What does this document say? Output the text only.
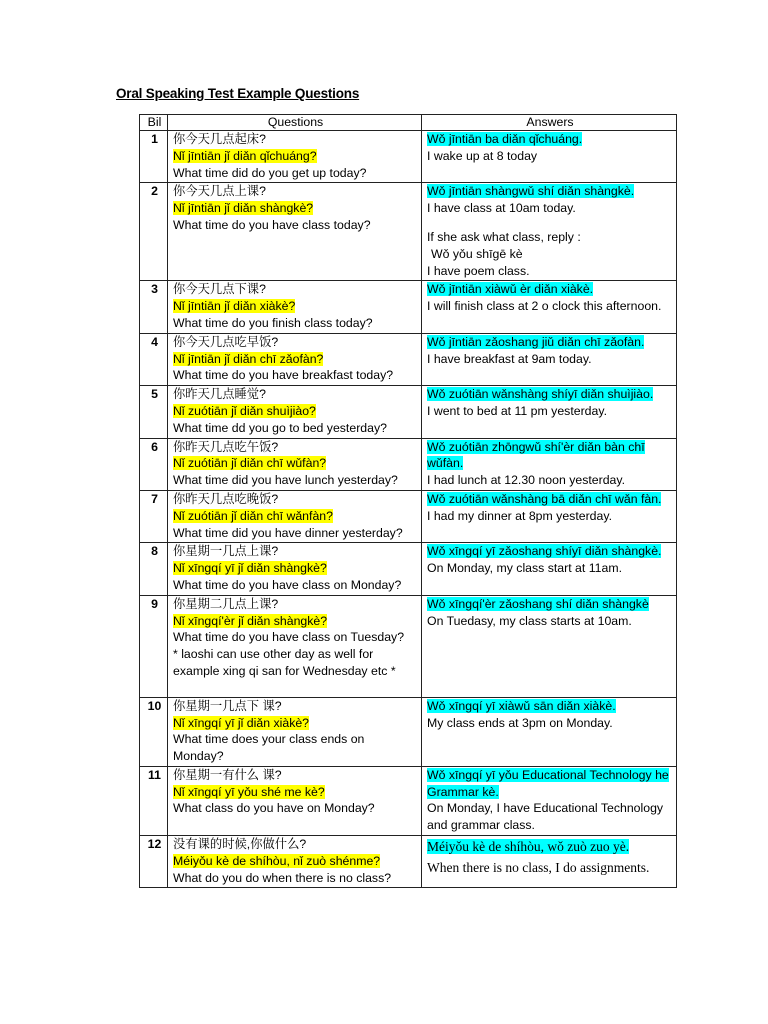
Oral Speaking Test Example Questions
Bil	Questions	Answers
1	你今天几点起床?
Nǐ jīntiān jǐ diǎn qǐchuáng?
What time did do you get up today?	Wǒ jīntiān ba diǎn qǐchuáng.
I wake up at 8 today

2	你今天几点上课?
Nǐ jīntiān jǐ diǎn shàngkè?
What time do you have class today?	Wǒ jīntiān shàngwǔ shí diǎn shàngkè.
I have class at 10am today.
If she ask what class, reply :
Wǒ yǒu shīgē kè
I have poem class.

3	你今天几点下课?
Nǐ jīntiān jǐ diǎn xiàkè?
What time do you finish class today?	Wǒ jīntiān xiàwǔ èr diǎn xiàkè.
I will finish class at 2 o clock this afternoon.

4	你今天几点吃早饭?
Nǐ jīntiān jǐ diǎn chī zǎofàn?
What time do you have breakfast today?	Wǒ jīntiān zǎoshang jiǔ diǎn chī zǎofàn.
I have breakfast at 9am today.

5	你昨天几点睡觉?
Nǐ zuótiān jǐ diǎn shuìjiào?
What time dd you go to bed yesterday?	Wǒ zuótiān wǎnshàng shíyī diǎn shuìjiào.
I went to bed at 11 pm yesterday.

6	你昨天几点吃午饭?
Nǐ zuótiān jǐ diǎn chī wǔfàn?
What time did you have lunch yesterday?	Wǒ zuótiān zhōngwǔ shí'èr diǎn bàn chī wǔfàn.
I had lunch at 12.30 noon yesterday.

7	你昨天几点吃晚饭?
Nǐ zuótiān jǐ diǎn chī wǎnfàn?
What time did you have dinner yesterday?	Wǒ zuótiān wǎnshàng bā diǎn chī wǎn fàn.
I had my dinner at 8pm yesterday.

8	你星期一几点上课?
Nǐ xīngqí yī jǐ diǎn shàngkè?
What time do you have class on Monday?	Wǒ xīngqí yī zǎoshang shíyī diǎn shàngkè.
On Monday, my class start at 11am.

9	你星期二几点上课?
Nǐ xīngqí'èr jǐ diǎn shàngkè?
What time do you have class on Tuesday?
* laoshi can use other day as well for example xing qi san for Wednesday etc *	Wǒ xīngqí'èr zǎoshang shí diǎn shàngkè
On Tuedasy, my class starts at 10am.

10	你星期一几点下 课?
Nǐ xīngqí yī jǐ diǎn xiàkè?
What time does your class ends on Monday?	Wǒ xīngqí yī xiàwǔ sān diǎn xiàkè.
My class ends at 3pm on Monday.

11	你星期一有什么 课?
Nǐ xīngqí yī yǒu shé me kè?
What class do you have on Monday?	Wǒ xīngqí yī yǒu Educational Technology he Grammar kè.
On Monday, I have Educational Technology and grammar class.

12	没有课的时候,你做什么?
Méiyǒu kè de shíhòu, nǐ zuò shénme?
What do you do when there is no class?	Méiyǒu kè de shíhòu, wǒ zuò zuo yè.
When there is no class, I do assignments.
